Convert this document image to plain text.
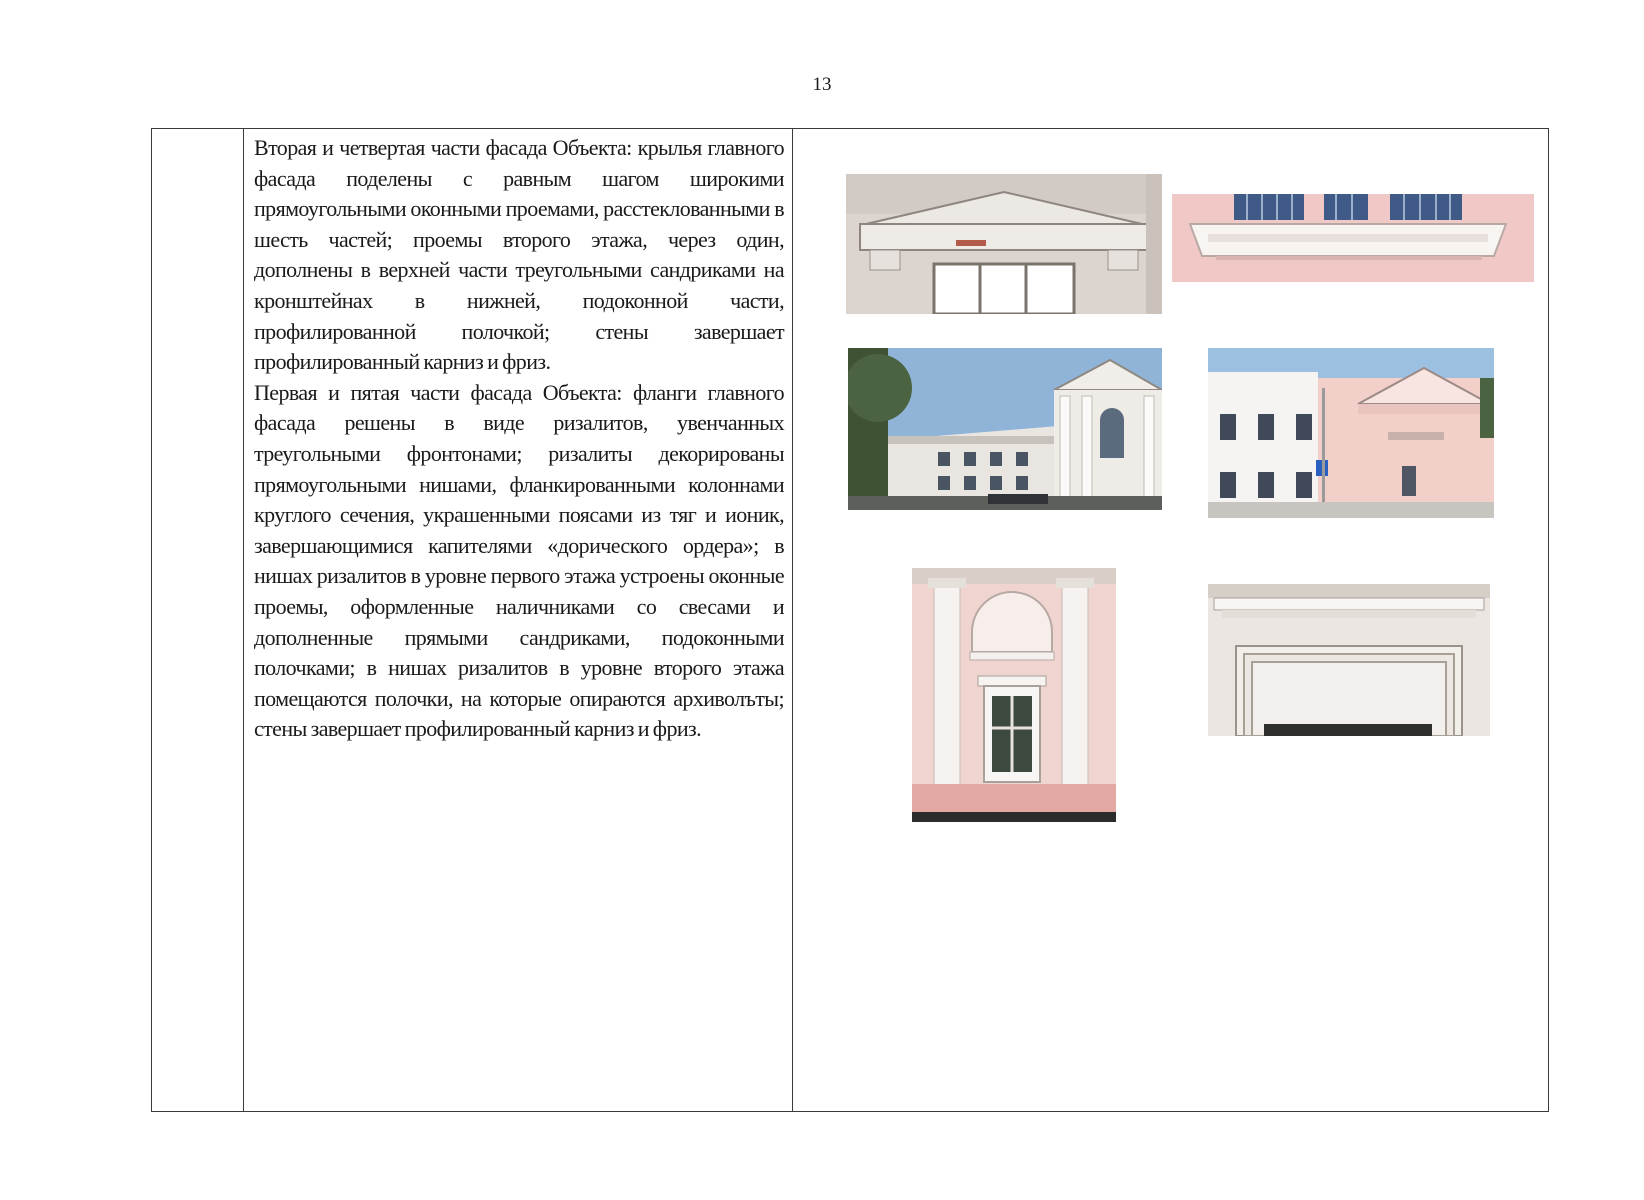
13

Вторая и четвертая части фасада Объекта: крылья главного фасада поделены с равным шагом широкими прямоугольными оконными проемами, расстеклованными в шесть частей; проемы второго этажа, через один, дополнены в верхней части треугольными сандриками на кронштейнах в нижней, подоконной части, профилированной полочкой; стены завершает профилированный карниз и фриз.

Первая и пятая части фасада Объекта: фланги главного фасада решены в виде ризалитов, увенчанных треугольными фронтонами; ризалиты декорированы прямоугольными нишами, фланкированными колоннами круглого сечения, украшенными поясами из тяг и ионик, завершающимися капителями «дорического ордера»; в нишах ризалитов в уровне первого этажа устроены оконные проемы, оформленные наличниками со свесами и дополненные прямыми сандриками, подоконными полочками; в нишах ризалитов в уровне второго этажа помещаются полочки, на которые опираются архиволъты; стены завершает профилированный карниз и фриз.
